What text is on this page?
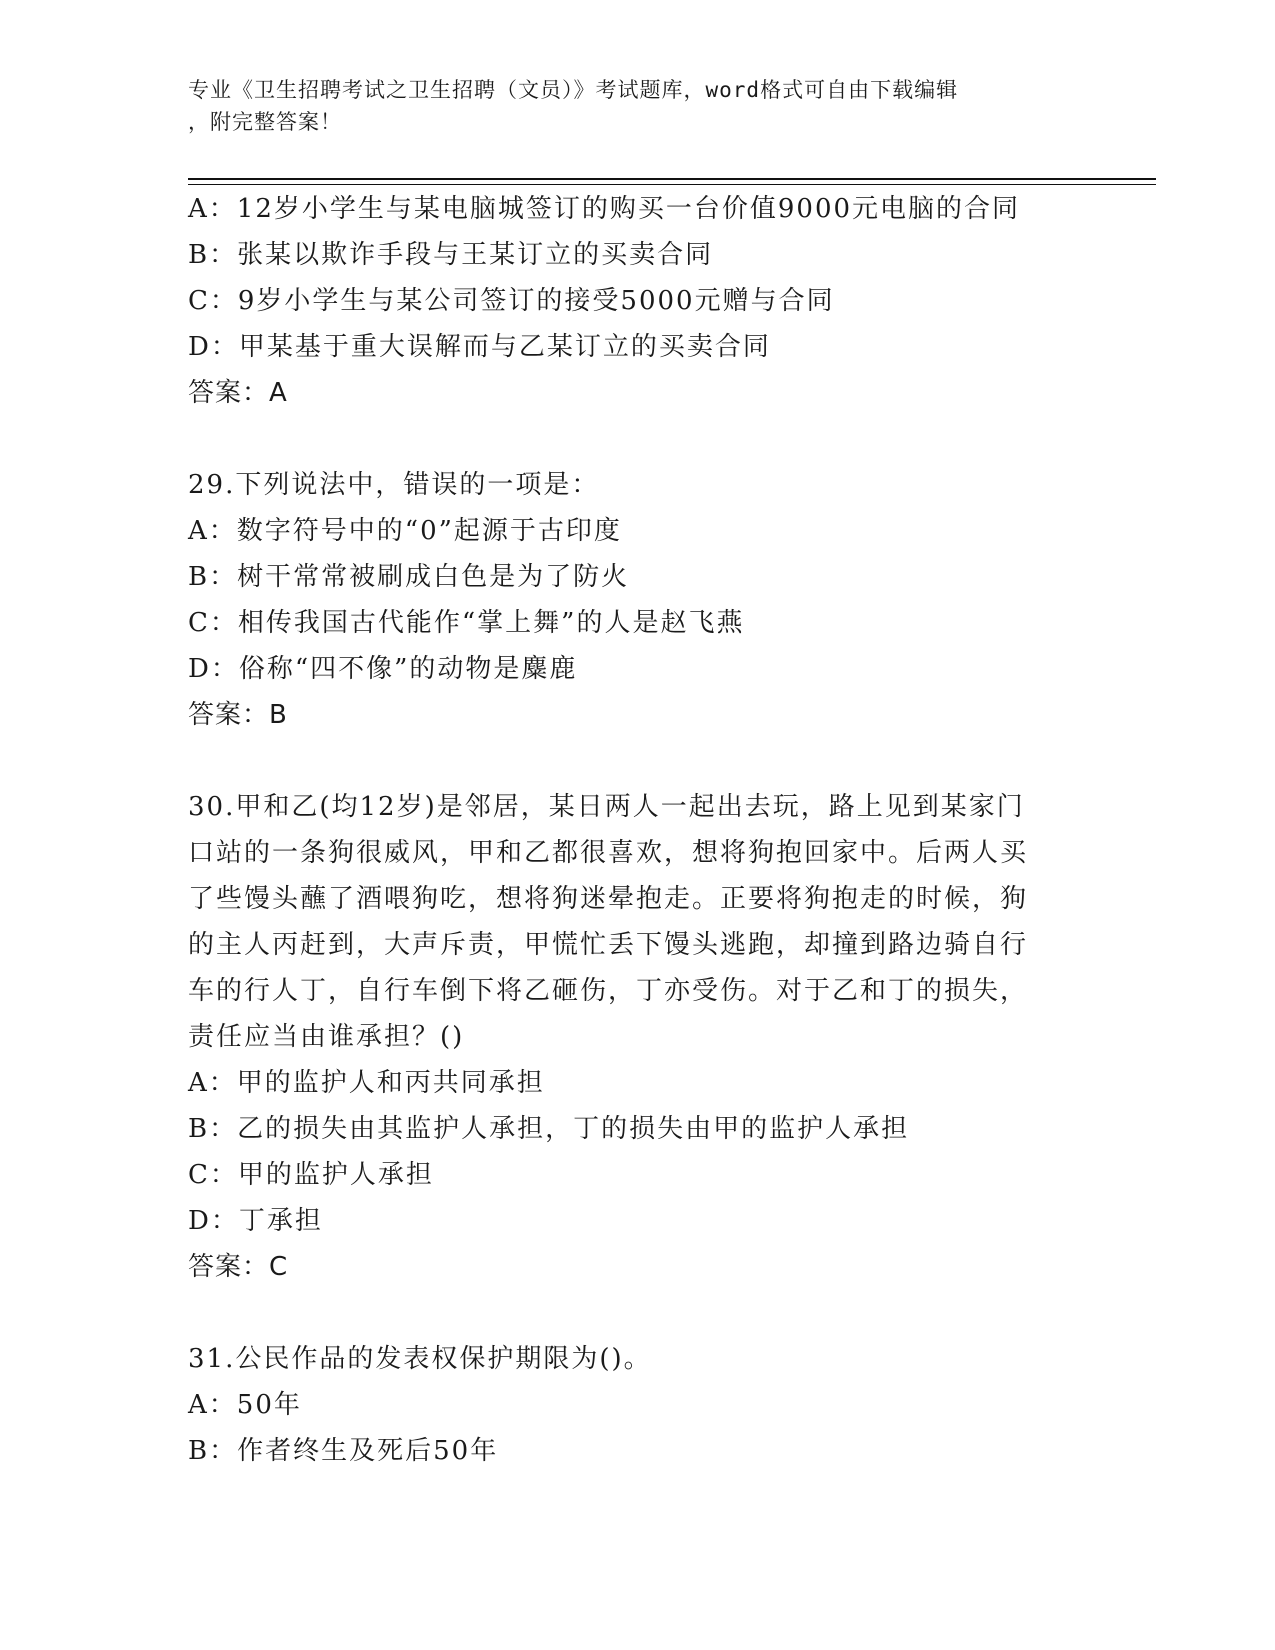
专业《卫生招聘考试之卫生招聘（文员）》考试题库，word格式可自由下载编辑
，附完整答案！
A：12岁小学生与某电脑城签订的购买一台价值9000元电脑的合同
B：张某以欺诈手段与王某订立的买卖合同
C：9岁小学生与某公司签订的接受5000元赠与合同
D：甲某基于重大误解而与乙某订立的买卖合同
答案：A
29.下列说法中，错误的一项是：
A：数字符号中的“0”起源于古印度
B：树干常常被刷成白色是为了防火
C：相传我国古代能作“掌上舞”的人是赵飞燕
D：俗称“四不像”的动物是麋鹿
答案：B
30.甲和乙(均12岁)是邻居，某日两人一起出去玩，路上见到某家门
口站的一条狗很威风，甲和乙都很喜欢，想将狗抱回家中。后两人买
了些馒头蘸了酒喂狗吃，想将狗迷晕抱走。正要将狗抱走的时候，狗
的主人丙赶到，大声斥责，甲慌忙丢下馒头逃跑，却撞到路边骑自行
车的行人丁，自行车倒下将乙砸伤，丁亦受伤。对于乙和丁的损失，
责任应当由谁承担？()
A：甲的监护人和丙共同承担
B：乙的损失由其监护人承担，丁的损失由甲的监护人承担
C：甲的监护人承担
D：丁承担
答案：C
31.公民作品的发表权保护期限为()。
A：50年
B：作者终生及死后50年
